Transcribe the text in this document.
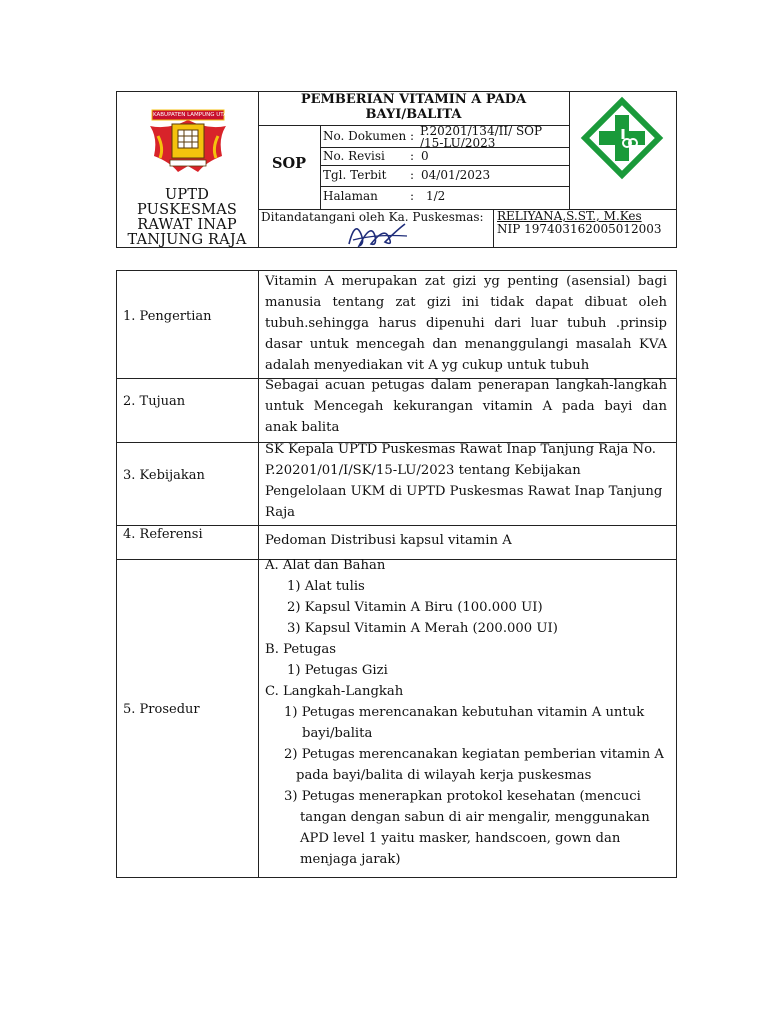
KABUPATEN LAMPUNG UTARA
UPTD PUSKESMAS
RAWAT INAP
TANJUNG RAJA
PEMBERIAN VITAMIN A PADA
BAYI/BALITA
SOP
No. Dokumen : P.20201/134/II/ SOP
/15-LU/2023
No. Revisi : 0
Tgl. Terbit : 04/01/2023
Halaman	: 1/2
Ditandatangani oleh Ka. Puskesmas: RELIYANA,S.ST., M.Kes
NIP 197403162005012003
1. Pengertian
Vitamin A merupakan zat gizi yg penting (asensial) bagi
manusia tentang zat gizi ini tidak dapat dibuat oleh
tubuh.sehingga harus dipenuhi dari luar tubuh .prinsip
dasar untuk mencegah dan menanggulangi masalah KVA
adalah menyediakan vit A yg cukup untuk tubuh
2. Tujuan
Sebagai acuan petugas dalam penerapan langkah-langkah
untuk Mencegah kekurangan vitamin A pada bayi dan
anak balita
3. Kebijakan
SK Kepala UPTD Puskesmas Rawat Inap Tanjung Raja No.
P.20201/01/I/SK/15-LU/2023 tentang Kebijakan
Pengelolaan UKM di UPTD Puskesmas Rawat Inap Tanjung
Raja
4. Referensi	Pedoman Distribusi kapsul vitamin A
5. Prosedur
A. Alat dan Bahan
1) Alat tulis
2) Kapsul Vitamin A Biru (100.000 UI)
3) Kapsul Vitamin A Merah (200.000 UI)
B. Petugas
1) Petugas Gizi
C. Langkah-Langkah
1) Petugas merencanakan kebutuhan vitamin A untuk
bayi/balita
2) Petugas merencanakan kegiatan pemberian vitamin A
pada bayi/balita di wilayah kerja puskesmas
3) Petugas menerapkan protokol kesehatan (mencuci
tangan dengan sabun di air mengalir, menggunakan
APD level 1 yaitu masker, handscoen, gown dan
menjaga jarak)
